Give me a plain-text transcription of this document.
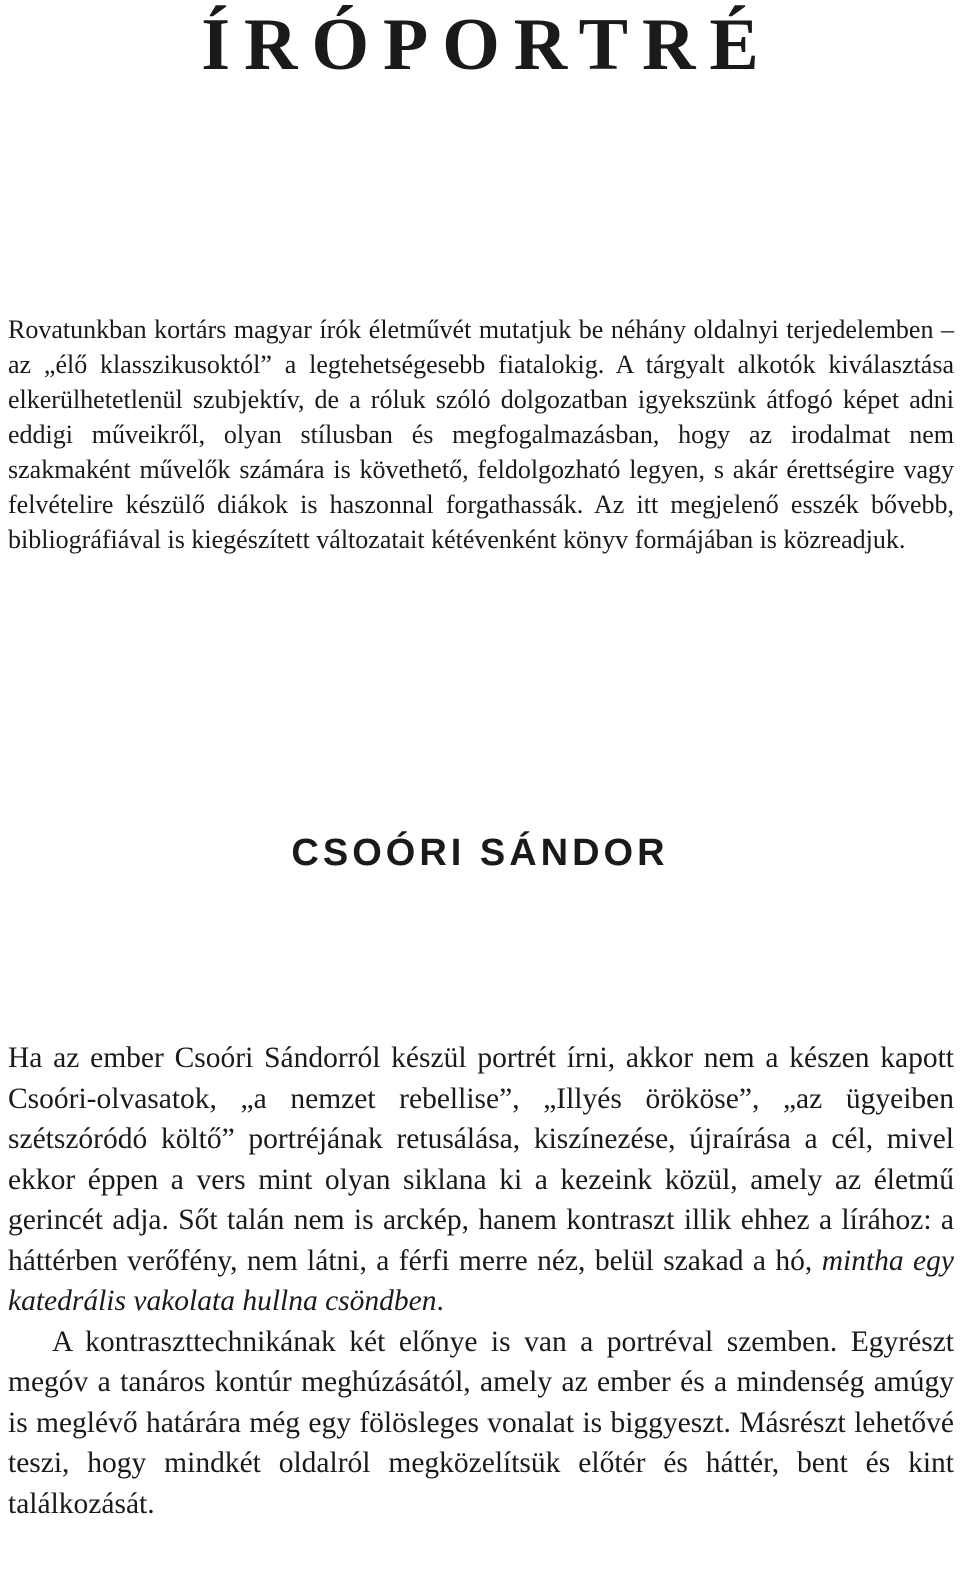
ÍRÓPORTRÉ

Rovatunkban kortárs magyar írók életművét mutatjuk be néhány oldalnyi terjedelemben – az „élő klasszikusoktól” a legtehetségesebb fiatalokig. A tárgyalt alkotók kiválasztása elkerülhetetlenül szubjektív, de a róluk szóló dolgozatban igyekszünk átfogó képet adni eddigi műveikről, olyan stílusban és megfogalmazásban, hogy az irodalmat nem szakmaként művelők számára is követhető, feldolgozható legyen, s akár érettségire vagy felvételire készülő diákok is haszonnal forgathassák. Az itt megjelenő esszék bővebb, bibliográfiával is kiegészített változatait kétévenként könyv formájában is közreadjuk.

CSOÓRI SÁNDOR

Ha az ember Csoóri Sándorról készül portrét írni, akkor nem a készen kapott Csoóri-olvasatok, „a nemzet rebellise”, „Illyés örököse”, „az ügyeiben szétszóródó költő” portréjának retusálása, kiszínezése, újraírása a cél, mivel ekkor éppen a vers mint olyan siklana ki a kezeink közül, amely az életmű gerincét adja. Sőt talán nem is arckép, hanem kontraszt illik ehhez a lírához: a háttérben verőfény, nem látni, a férfi merre néz, belül szakad a hó, mintha egy katedrális vakolata hullna csöndben.

A kontraszttechnikának két előnye is van a portréval szemben. Egyrészt megóv a tanáros kontúr meghúzásától, amely az ember és a mindenség amúgy is meglévő határára még egy fölösleges vonalat is biggyeszt. Másrészt lehetővé teszi, hogy mindkét oldalról megközelítsük előtér és háttér, bent és kint találkozását.
